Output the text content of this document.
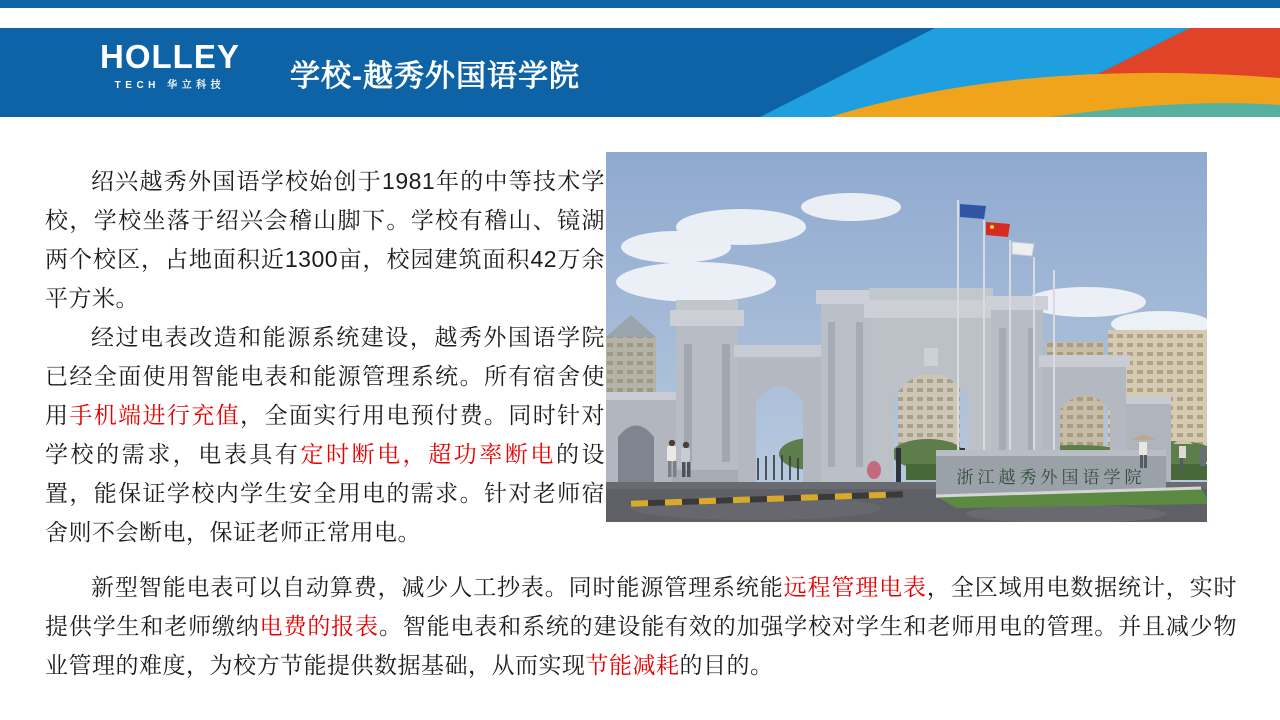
HOLLEY
TECH 华立科技	学校-越秀外国语学院

绍兴越秀外国语学校始创于1981年的中等技术学校，学校坐落于绍兴会稽山脚下。学校有稽山、镜湖两个校区，占地面积近1300亩，校园建筑面积42万余平方米。

经过电表改造和能源系统建设，越秀外国语学院已经全面使用智能电表和能源管理系统。所有宿舍使用手机端进行充值，全面实行用电预付费。同时针对学校的需求，电表具有定时断电，超功率断电的设置，能保证学校内学生安全用电的需求。针对老师宿舍则不会断电，保证老师正常用电。

浙江越秀外国语学院

新型智能电表可以自动算费，减少人工抄表。同时能源管理系统能远程管理电表，全区域用电数据统计，实时提供学生和老师缴纳电费的报表。智能电表和系统的建设能有效的加强学校对学生和老师用电的管理。并且减少物业管理的难度，为校方节能提供数据基础，从而实现节能减耗的目的。
